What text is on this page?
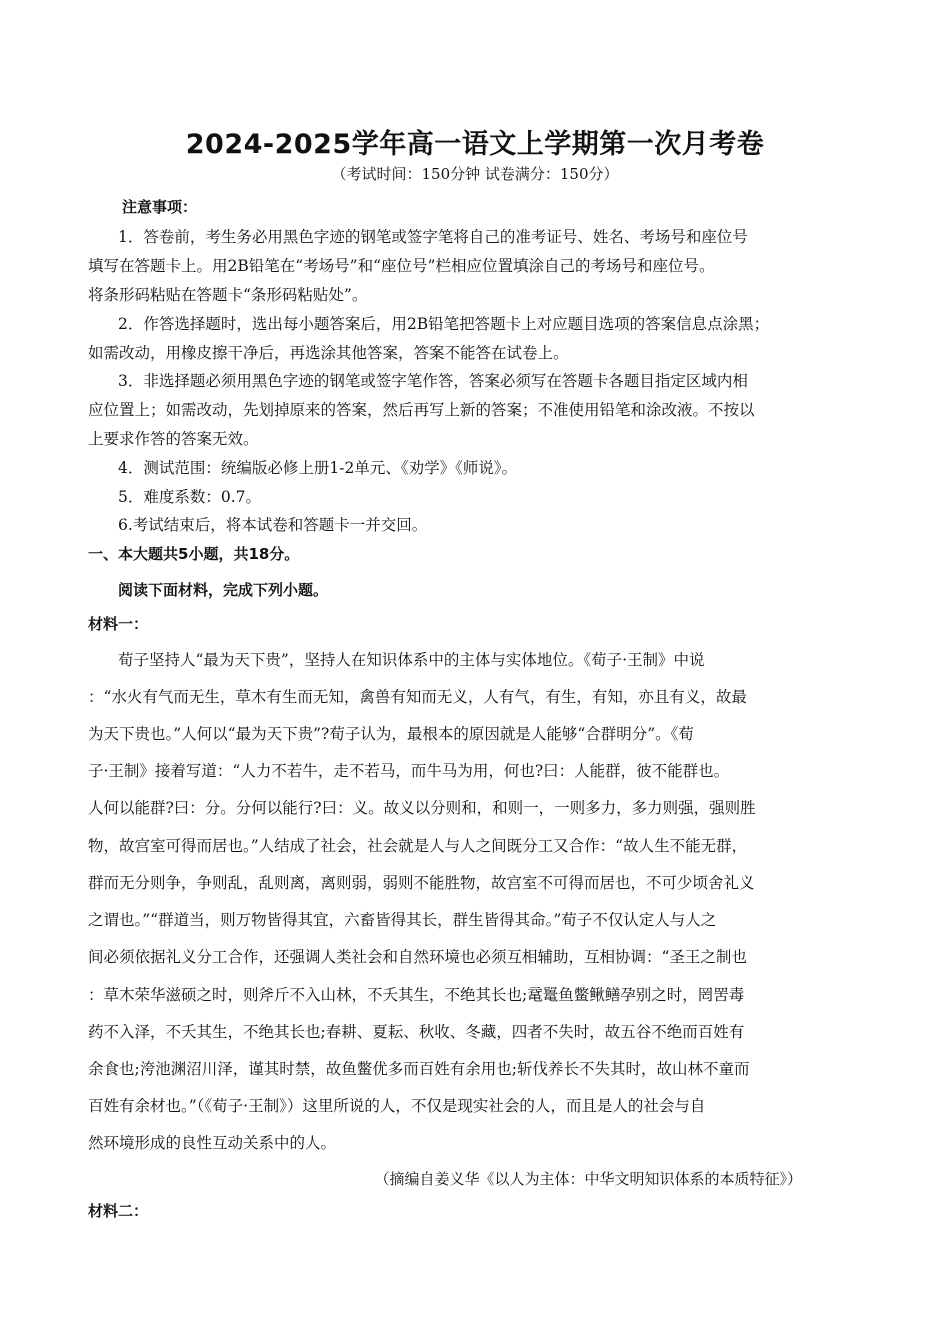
2024-2025学年高一语文上学期第一次月考卷
（考试时间：150分钟 试卷满分：150分）
注意事项：
1．答卷前，考生务必用黑色字迹的钢笔或签字笔将自己的准考证号、姓名、考场号和座位号
填写在答题卡上。用2B铅笔在“考场号”和“座位号”栏相应位置填涂自己的考场号和座位号。
将条形码粘贴在答题卡“条形码粘贴处”。
2．作答选择题时，选出每小题答案后，用2B铅笔把答题卡上对应题目选项的答案信息点涂黑；
如需改动，用橡皮擦干净后，再选涂其他答案，答案不能答在试卷上。
3．非选择题必须用黑色字迹的钢笔或签字笔作答，答案必须写在答题卡各题目指定区域内相
应位置上；如需改动，先划掉原来的答案，然后再写上新的答案；不准使用铅笔和涂改液。不按以
上要求作答的答案无效。
4．测试范围：统编版必修上册1-2单元、《劝学》《师说》。
5．难度系数：0.7。
6.考试结束后，将本试卷和答题卡一并交回。
一、本大题共5小题，共18分。
阅读下面材料，完成下列小题。
材料一：
荀子坚持人“最为天下贵”，坚持人在知识体系中的主体与实体地位。《荀子·王制》中说
：“水火有气而无生，草木有生而无知，禽兽有知而无义，人有气，有生，有知，亦且有义，故最
为天下贵也。”人何以“最为天下贵”?荀子认为，最根本的原因就是人能够“合群明分”。《荀
子·王制》接着写道：“人力不若牛，走不若马，而牛马为用，何也?曰：人能群，彼不能群也。
人何以能群?曰：分。分何以能行?曰：义。故义以分则和，和则一，一则多力，多力则强，强则胜
物，故宫室可得而居也。”人结成了社会，社会就是人与人之间既分工又合作：“故人生不能无群，
群而无分则争，争则乱，乱则离，离则弱，弱则不能胜物，故宫室不可得而居也，不可少顷舍礼义
之谓也。”“群道当，则万物皆得其宜，六畜皆得其长，群生皆得其命。”荀子不仅认定人与人之
间必须依据礼义分工合作，还强调人类社会和自然环境也必须互相辅助，互相协调：“圣王之制也
：草木荣华滋硕之时，则斧斤不入山林，不夭其生，不绝其长也;鼋鼍鱼鳖鳅鳝孕别之时，罔罟毒
药不入泽，不夭其生，不绝其长也;春耕、夏耘、秋收、冬藏，四者不失时，故五谷不绝而百姓有
余食也;洿池渊沼川泽，谨其时禁，故鱼鳖优多而百姓有余用也;斩伐养长不失其时，故山林不童而
百姓有余材也。”（《荀子·王制》）这里所说的人，不仅是现实社会的人，而且是人的社会与自
然环境形成的良性互动关系中的人。
（摘编自姜义华《以人为主体：中华文明知识体系的本质特征》）
材料二：
